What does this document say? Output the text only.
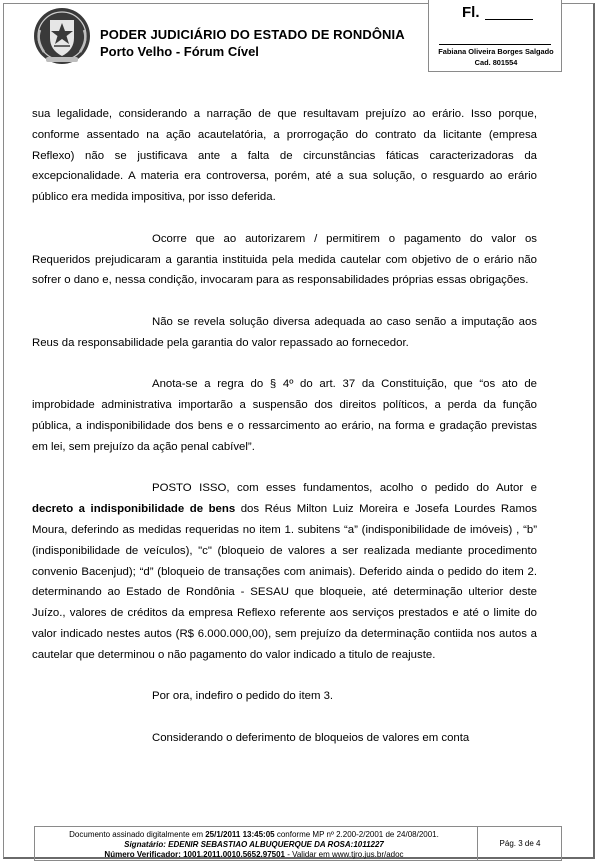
PODER JUDICIÁRIO DO ESTADO DE RONDÔNIA
Porto Velho - Fórum Cível
Fl.
Fabiana Oliveira Borges Salgado
Cad. 801554

sua legalidade, considerando a narração de que resultavam prejuízo ao erário. Isso porque, conforme assentado na ação acautelatória, a prorrogação do contrato da licitante (empresa Reflexo) não se justificava ante a falta de circunstâncias fáticas caracterizadoras da excepcionalidade. A materia era controversa, porém, até a sua solução, o resguardo ao erário público era medida impositiva, por isso deferida.

Ocorre que ao autorizarem / permitirem o pagamento do valor os Requeridos prejudicaram a garantia instituida pela medida cautelar com objetivo de o erário não sofrer o dano e, nessa condição, invocaram para as responsabilidades próprias essas obrigações.

Não se revela solução diversa adequada ao caso senão a imputação aos Reus da responsabilidade pela garantia do valor repassado ao fornecedor.

Anota-se a regra do § 4º do art. 37 da Constituição, que “os ato de improbidade administrativa importarão a suspensão dos direitos políticos, a perda da função pública, a indisponibilidade dos bens e o ressarcimento ao erário, na forma e gradação previstas em lei, sem prejuízo da ação penal cabível”.

POSTO ISSO, com esses fundamentos, acolho o pedido do Autor e decreto a indisponibilidade de bens dos Réus Milton Luiz Moreira e Josefa Lourdes Ramos Moura, deferindo as medidas requeridas no item 1. subitens “a” (indisponibilidade de imóveis) , “b” (indisponibilidade de veículos), "c" (bloqueio de valores a ser realizada mediante procedimento convenio Bacenjud); “d” (bloqueio de transações com animais). Deferido ainda o pedido do item 2. determinando ao Estado de Rondônia - SESAU que bloqueie, até determinação ulterior deste Juízo., valores de créditos da empresa Reflexo referente aos serviços prestados e até o limite do valor indicado nestes autos (R$ 6.000.000,00), sem prejuízo da determinação contiida nos autos a cautelar que determinou o não pagamento do valor indicado a titulo de reajuste.

Por ora, indefiro o pedido do item 3.

Considerando o deferimento de bloqueios de valores em conta

Documento assinado digitalmente em 25/1/2011 13:45:05 conforme MP nº 2.200-2/2001 de 24/08/2001.
Signatário: EDENIR SEBASTIAO ALBUQUERQUE DA ROSA:1011227
Número Verificador: 1001.2011.0010.5652.97501 - Validar em www.tjro.jus.br/adoc
Pág. 3 de 4
